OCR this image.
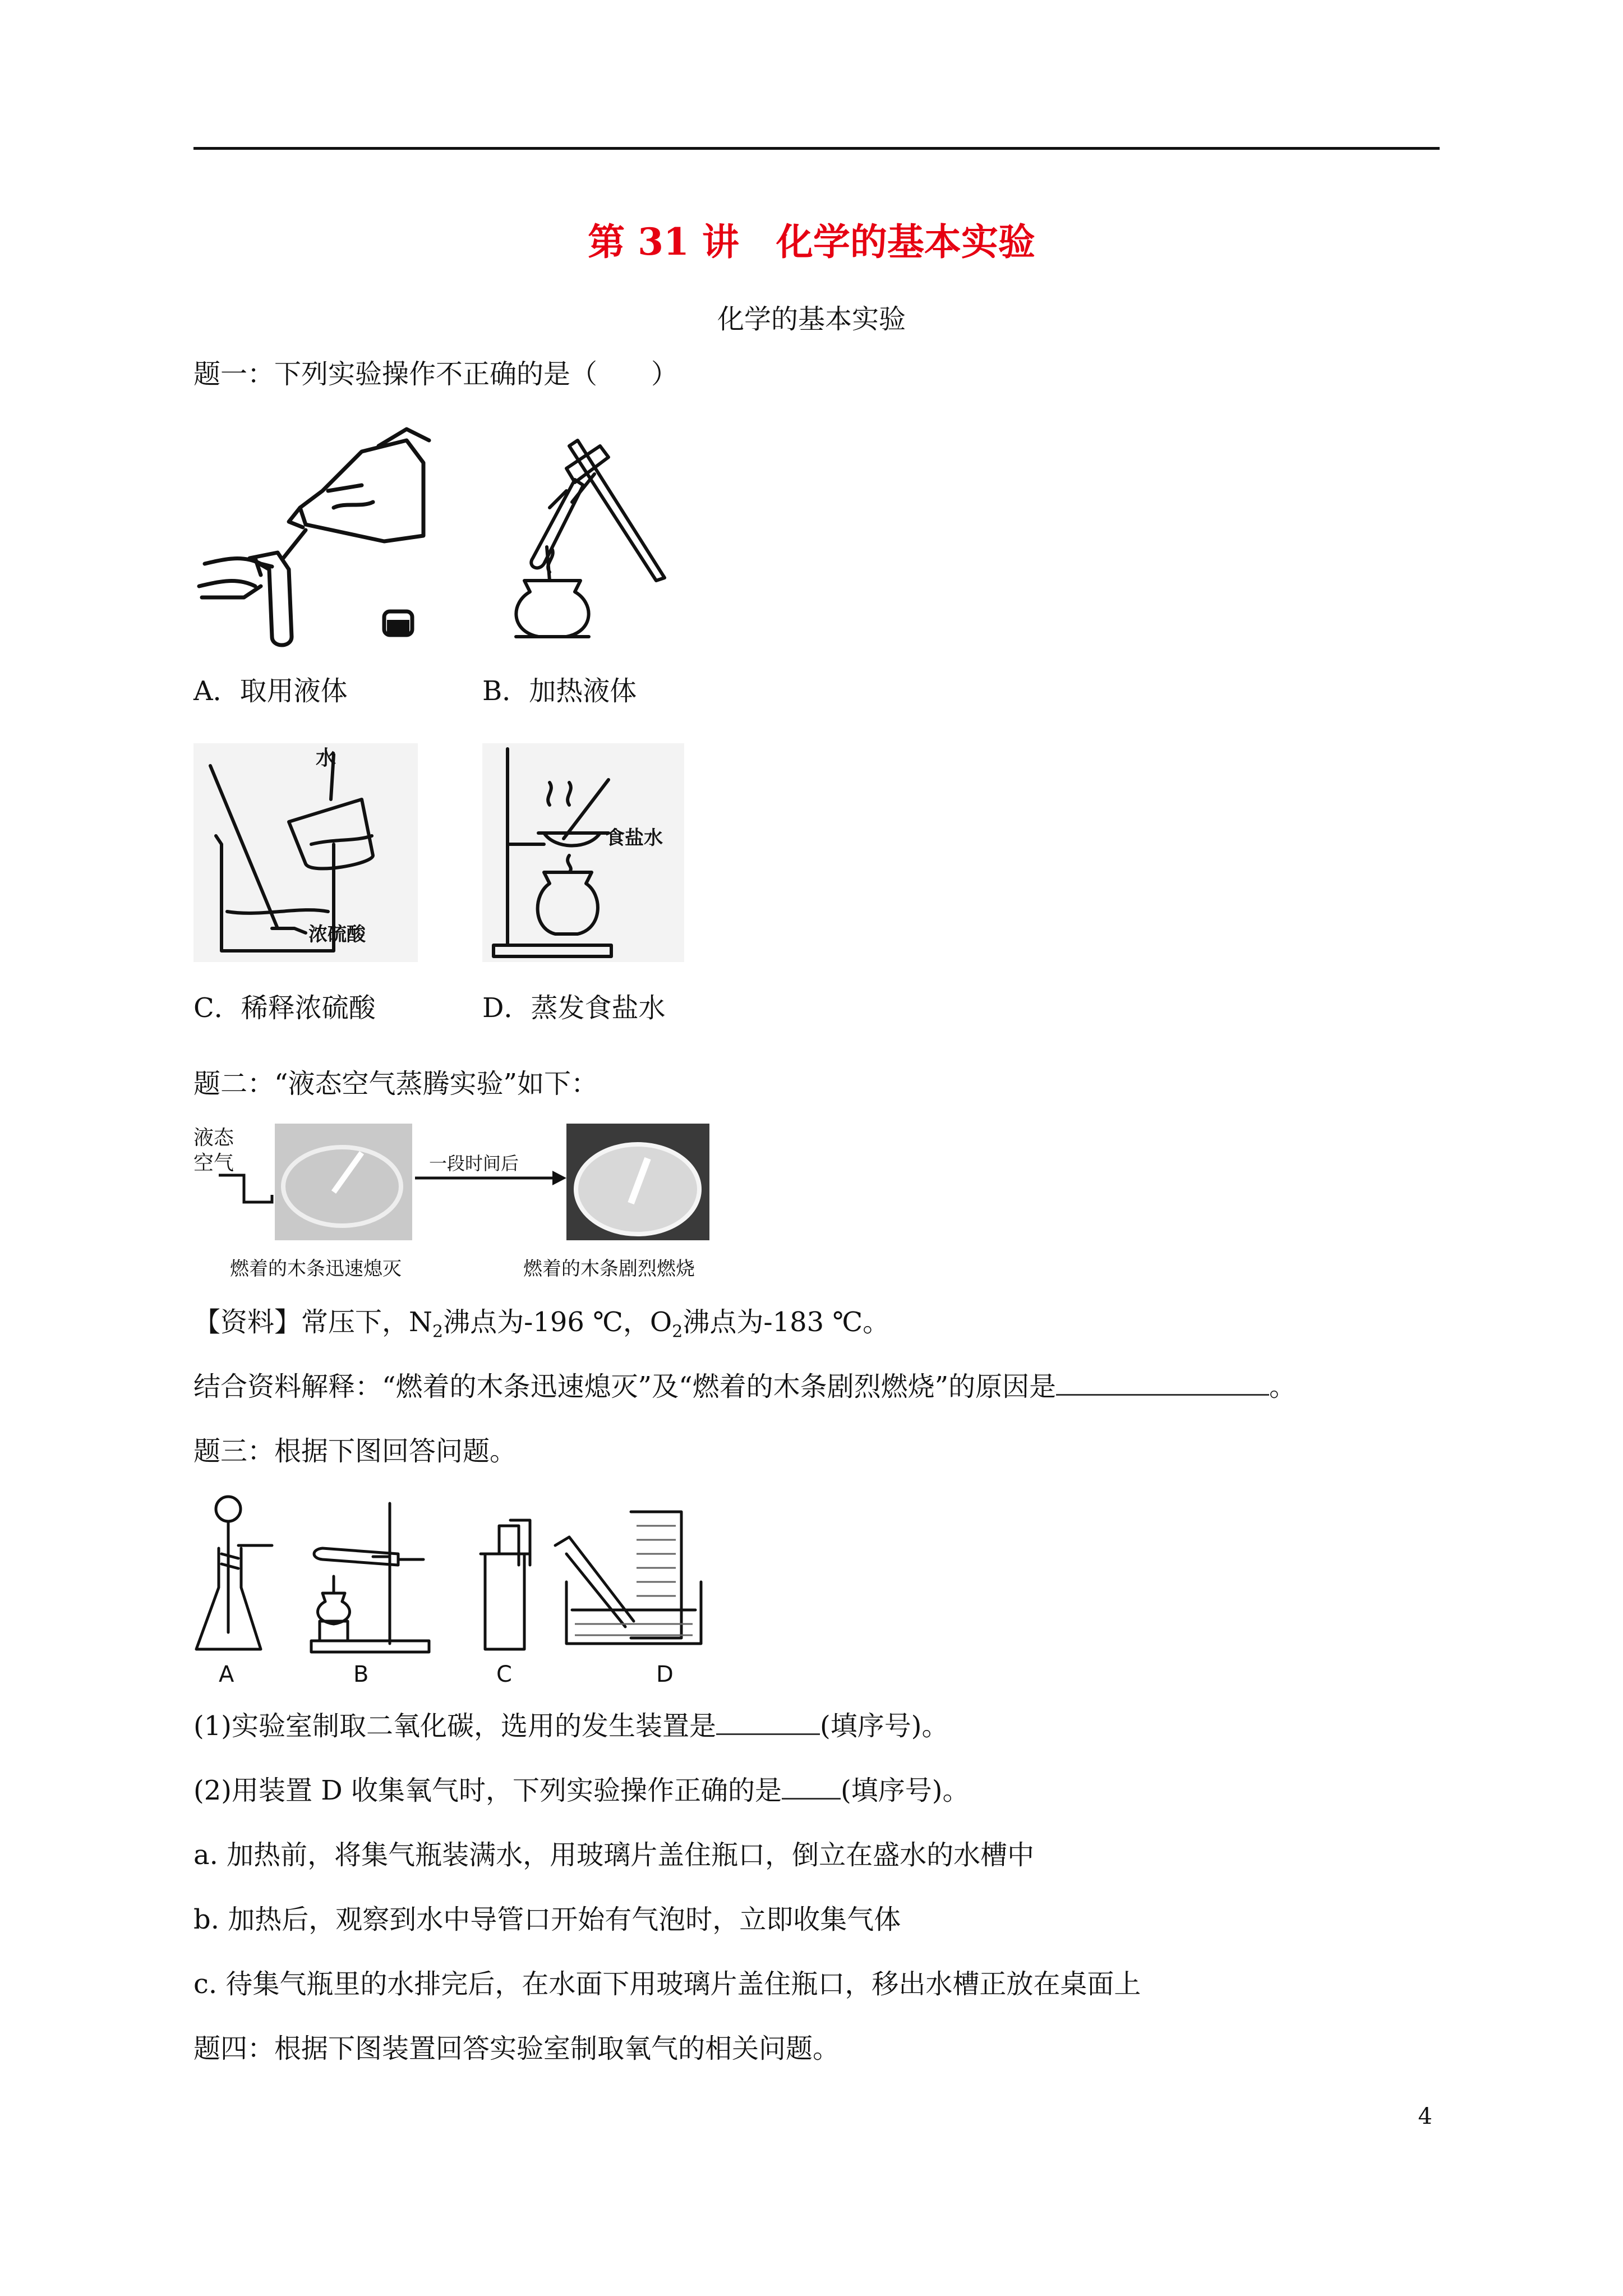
第 31 讲　化学的基本实验
化学的基本实验
题一：下列实验操作不正确的是（　　）
A．取用液体	B．加热液体
水
浓硫酸
食盐水
C．稀释浓硫酸	D．蒸发食盐水
题二：“液态空气蒸腾实验”如下：
液态
空气	一段时间后
燃着的木条迅速熄灭	燃着的木条剧烈燃烧
【资料】常压下，$N_2$沸点为-196 ℃，$O_2$沸点为-183 ℃。
结合资料解释：“燃着的木条迅速熄灭”及“燃着的木条剧烈燃烧”的原因是	。
题三：根据下图回答问题。
A	B	C	D
(1)实验室制取二氧化碳，选用的发生装置是	(填序号)。
(2)用装置 D 收集氧气时，下列实验操作正确的是 (填序号)。
a. 加热前，将集气瓶装满水，用玻璃片盖住瓶口，倒立在盛水的水槽中
b. 加热后，观察到水中导管口开始有气泡时，立即收集气体
c. 待集气瓶里的水排完后，在水面下用玻璃片盖住瓶口，移出水槽正放在桌面上
题四：根据下图装置回答实验室制取氧气的相关问题。
4
